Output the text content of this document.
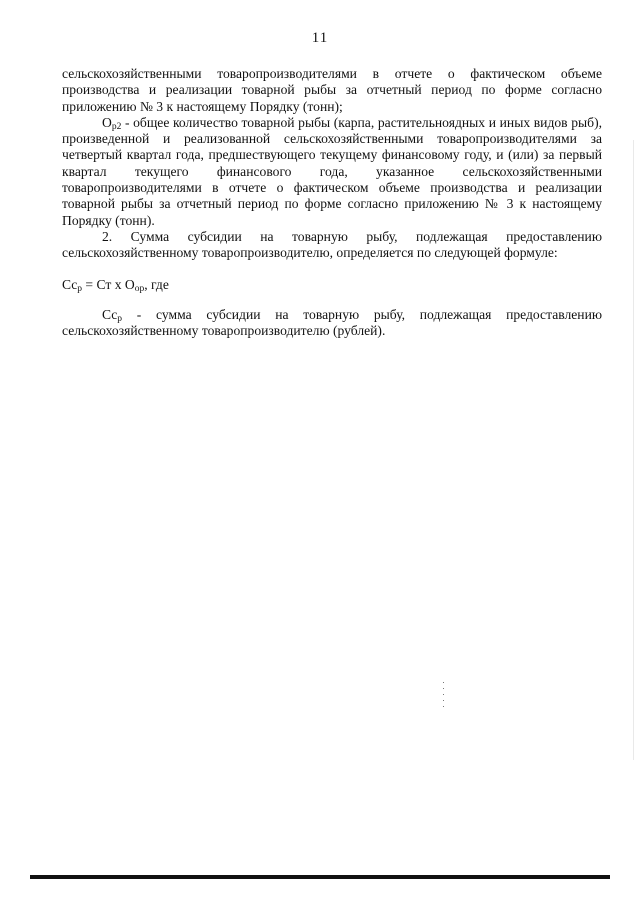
11

сельскохозяйственными товаропроизводителями в отчете о фактическом объеме производства и реализации товарной рыбы за отчетный период по форме согласно приложению № 3 к настоящему Порядку (тонн);

$О_{р2}$ - общее количество товарной рыбы (карпа, растительноядных и иных видов рыб), произведенной и реализованной сельскохозяйственными товаропроизводителями за четвертый квартал года, предшествующего текущему финансовому году, и (или) за первый квартал текущего финансового года, указанное сельскохозяйственными товаропроизводителями в отчете о фактическом объеме производства и реализации товарной рыбы за отчетный период по форме согласно приложению № 3 к настоящему Порядку (тонн).

2. Сумма субсидии на товарную рыбу, подлежащая предоставлению сельскохозяйственному товаропроизводителю, определяется по следующей формуле:

$Сс_р$ = Ст х $О_{ор}$, где

$Сс_р$ - сумма субсидии на товарную рыбу, подлежащая предоставлению сельскохозяйственному товаропроизводителю (рублей).
